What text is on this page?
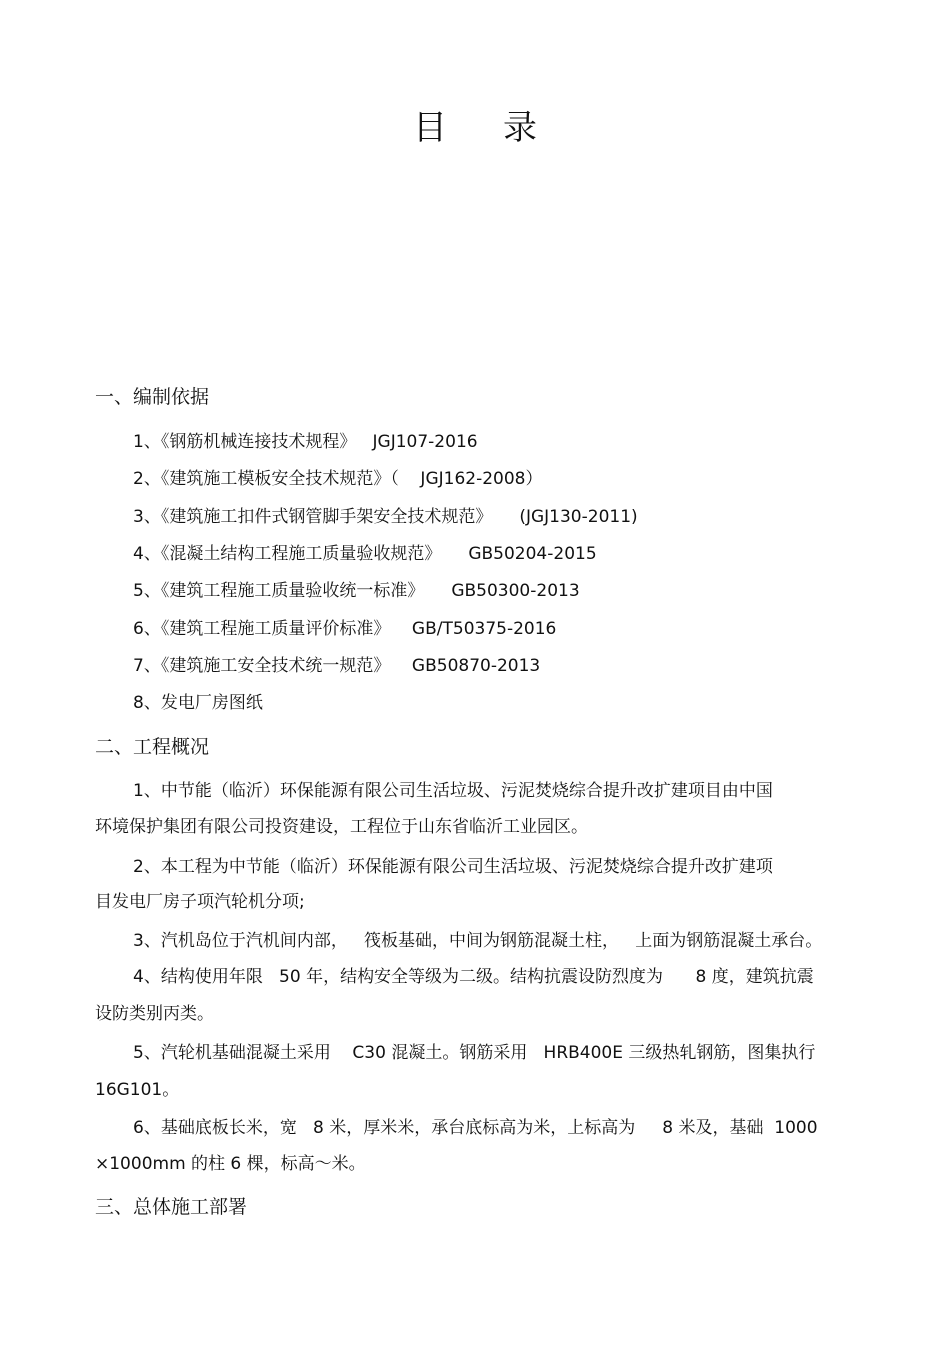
目录
一、编制依据
1、《钢筋机械连接技术规程》   JGJ107-2016
2、《建筑施工模板安全技术规范》（    JGJ162-2008）
3、《建筑施工扣件式钢管脚手架安全技术规范》     (JGJ130-2011)
4、《混凝土结构工程施工质量验收规范》     GB50204-2015
5、《建筑工程施工质量验收统一标准》     GB50300-2013
6、《建筑工程施工质量评价标准》    GB/T50375-2016
7、《建筑施工安全技术统一规范》    GB50870-2013
8、发电厂房图纸
二、工程概况
1、中节能（临沂）环保能源有限公司生活垃圾、污泥焚烧综合提升改扩建项目由中国
环境保护集团有限公司投资建设，工程位于山东省临沂工业园区。
2、本工程为中节能（临沂）环保能源有限公司生活垃圾、污泥焚烧综合提升改扩建项
目发电厂房子项汽轮机分项;
3、汽机岛位于汽机间内部，   筏板基础，中间为钢筋混凝土柱，   上面为钢筋混凝土承台。
4、结构使用年限   50 年，结构安全等级为二级。结构抗震设防烈度为      8 度，建筑抗震
设防类别丙类。
5、汽轮机基础混凝土采用    C30 混凝土。钢筋采用   HRB400E 三级热轧钢筋，图集执行
16G101。
6、基础底板长米，宽   8 米，厚米米，承台底标高为米，上标高为     8 米及，基础  1000
×1000mm 的柱 6 棵，标高～米。
三、总体施工部署
